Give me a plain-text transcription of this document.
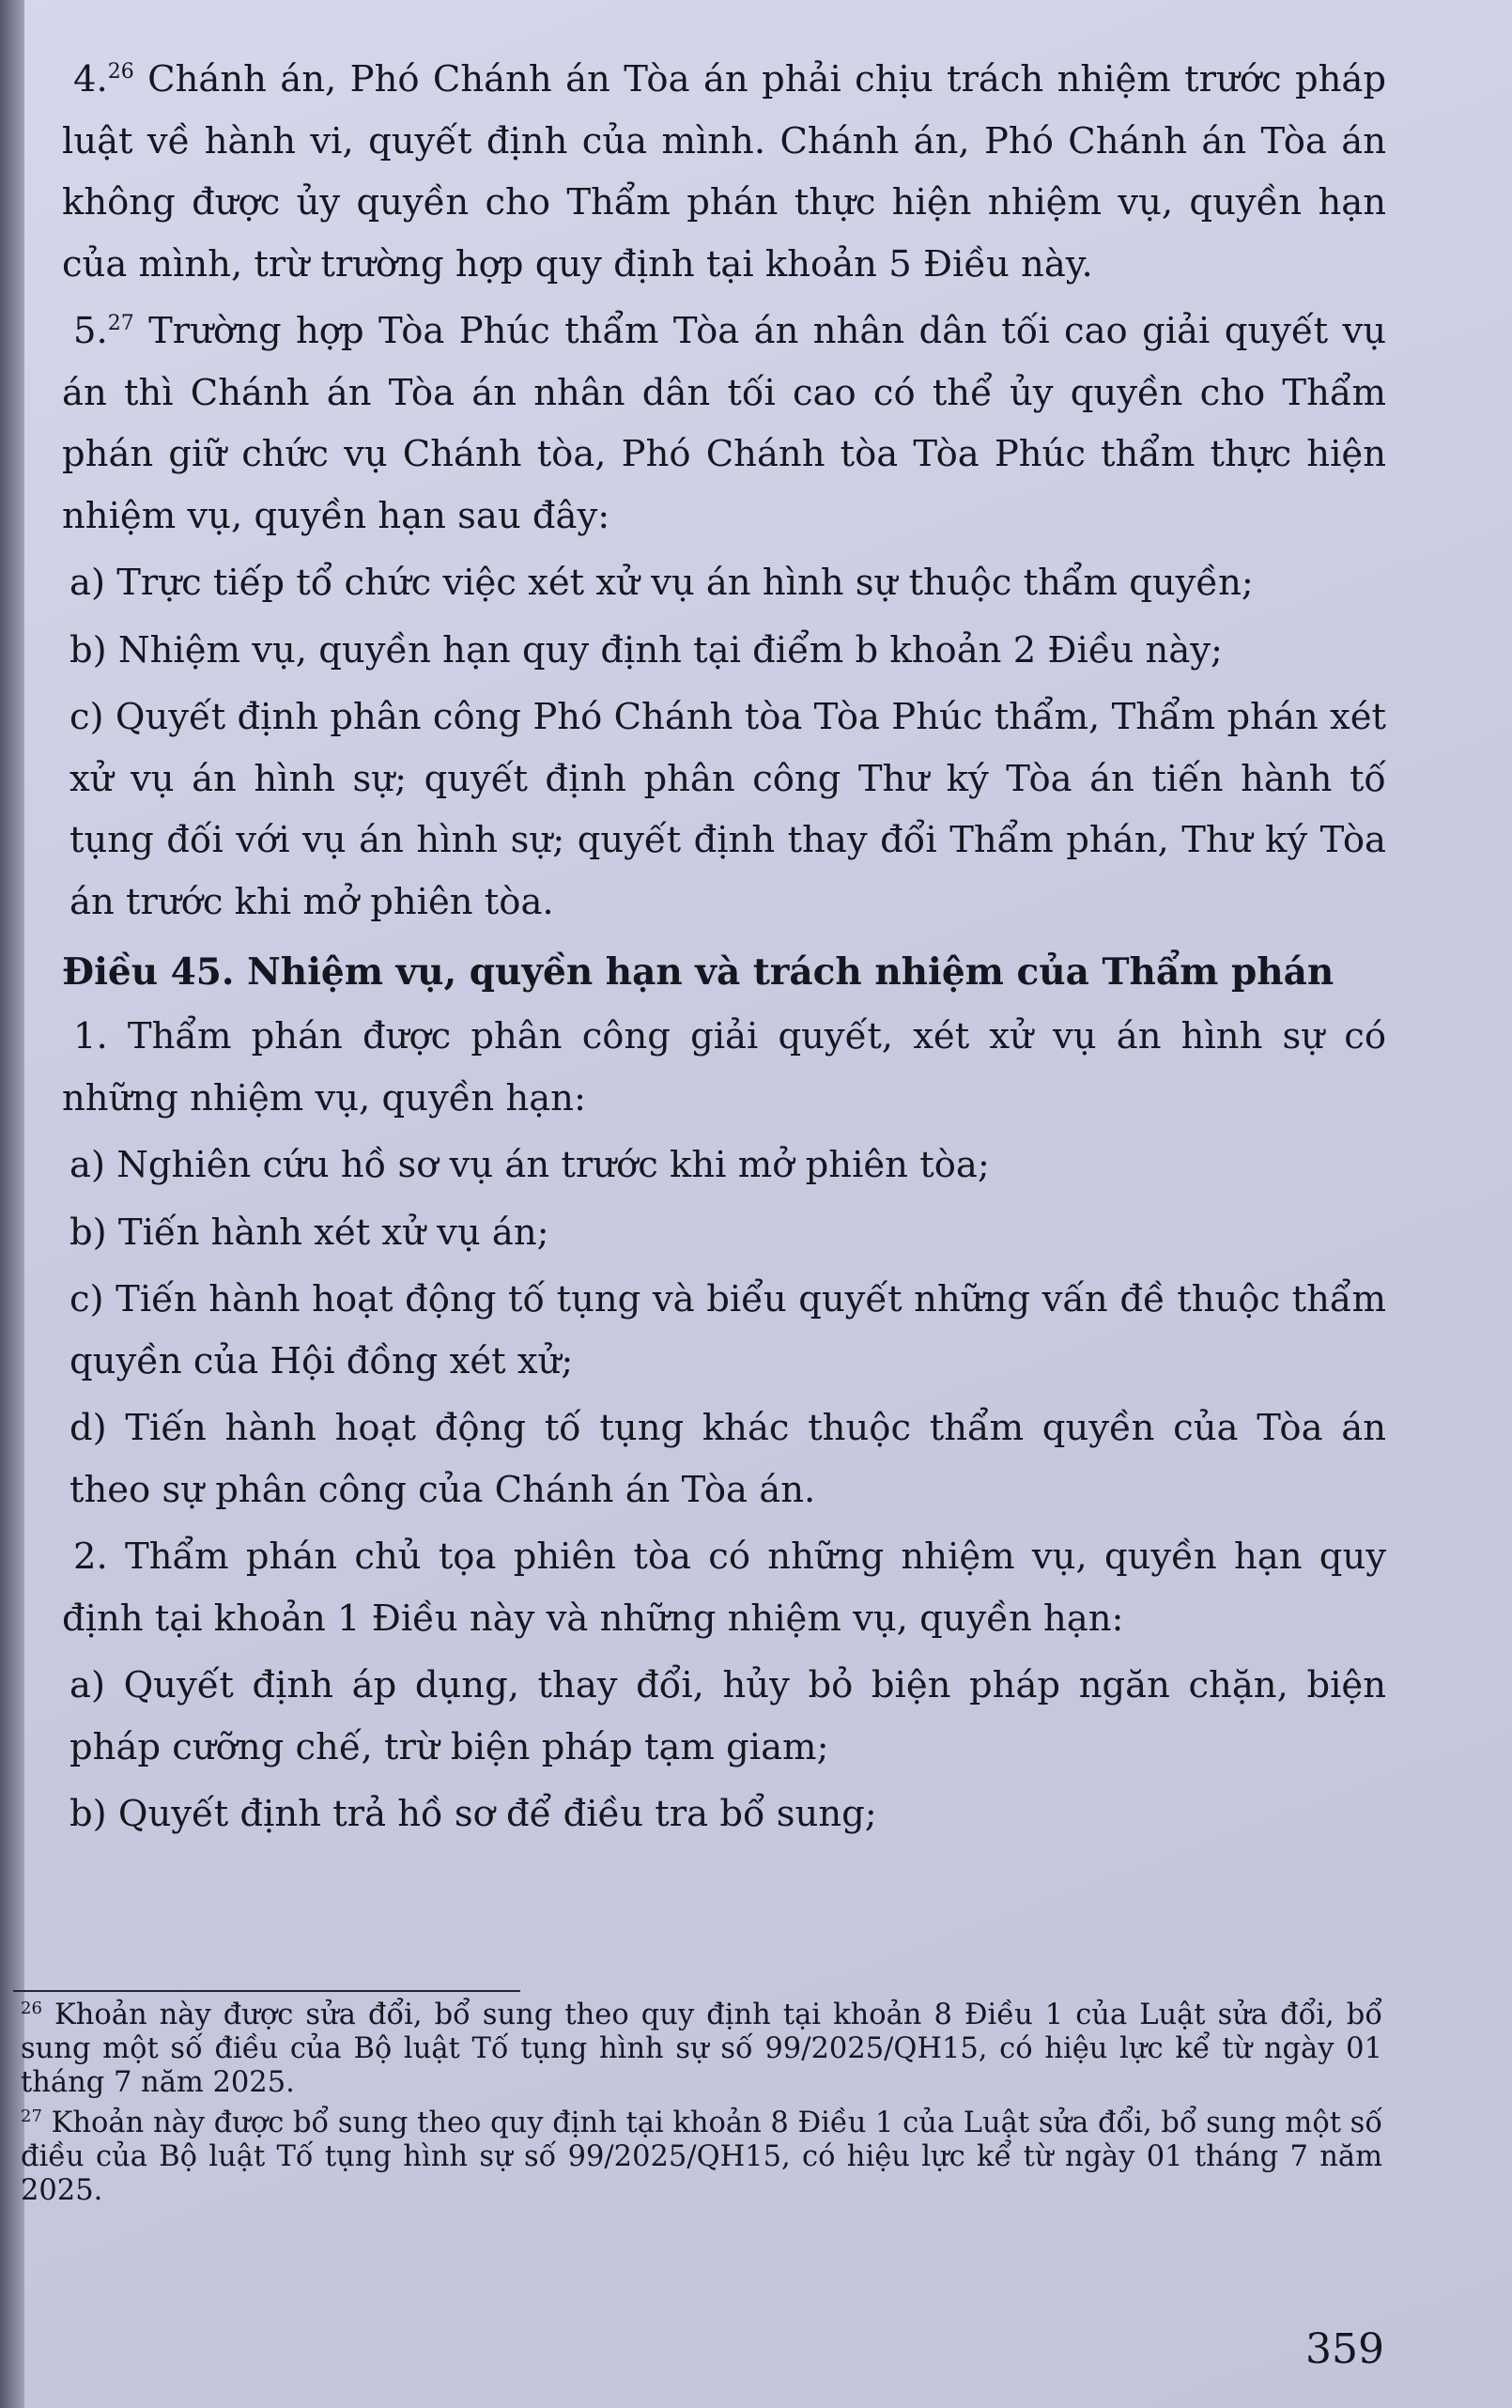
4.26 Chánh án, Phó Chánh án Tòa án phải chịu trách nhiệm trước pháp luật về hành vi, quyết định của mình. Chánh án, Phó Chánh án Tòa án không được ủy quyền cho Thẩm phán thực hiện nhiệm vụ, quyền hạn của mình, trừ trường hợp quy định tại khoản 5 Điều này.

5.27 Trường hợp Tòa Phúc thẩm Tòa án nhân dân tối cao giải quyết vụ án thì Chánh án Tòa án nhân dân tối cao có thể ủy quyền cho Thẩm phán giữ chức vụ Chánh tòa, Phó Chánh tòa Tòa Phúc thẩm thực hiện nhiệm vụ, quyền hạn sau đây:

a) Trực tiếp tổ chức việc xét xử vụ án hình sự thuộc thẩm quyền;

b) Nhiệm vụ, quyền hạn quy định tại điểm b khoản 2 Điều này;

c) Quyết định phân công Phó Chánh tòa Tòa Phúc thẩm, Thẩm phán xét xử vụ án hình sự; quyết định phân công Thư ký Tòa án tiến hành tố tụng đối với vụ án hình sự; quyết định thay đổi Thẩm phán, Thư ký Tòa án trước khi mở phiên tòa.

Điều 45. Nhiệm vụ, quyền hạn và trách nhiệm của Thẩm phán

1. Thẩm phán được phân công giải quyết, xét xử vụ án hình sự có những nhiệm vụ, quyền hạn:

a) Nghiên cứu hồ sơ vụ án trước khi mở phiên tòa;

b) Tiến hành xét xử vụ án;

c) Tiến hành hoạt động tố tụng và biểu quyết những vấn đề thuộc thẩm quyền của Hội đồng xét xử;

d) Tiến hành hoạt động tố tụng khác thuộc thẩm quyền của Tòa án theo sự phân công của Chánh án Tòa án.

2. Thẩm phán chủ tọa phiên tòa có những nhiệm vụ, quyền hạn quy định tại khoản 1 Điều này và những nhiệm vụ, quyền hạn:

a) Quyết định áp dụng, thay đổi, hủy bỏ biện pháp ngăn chặn, biện pháp cưỡng chế, trừ biện pháp tạm giam;

b) Quyết định trả hồ sơ để điều tra bổ sung;

$^{26}$ Khoản này được sửa đổi, bổ sung theo quy định tại khoản 8 Điều 1 của Luật sửa đổi, bổ sung một số điều của Bộ luật Tố tụng hình sự số 99/2025/QH15, có hiệu lực kể từ ngày 01 tháng 7 năm 2025.

$^{27}$ Khoản này được bổ sung theo quy định tại khoản 8 Điều 1 của Luật sửa đổi, bổ sung một số điều của Bộ luật Tố tụng hình sự số 99/2025/QH15, có hiệu lực kể từ ngày 01 tháng 7 năm 2025.

359
